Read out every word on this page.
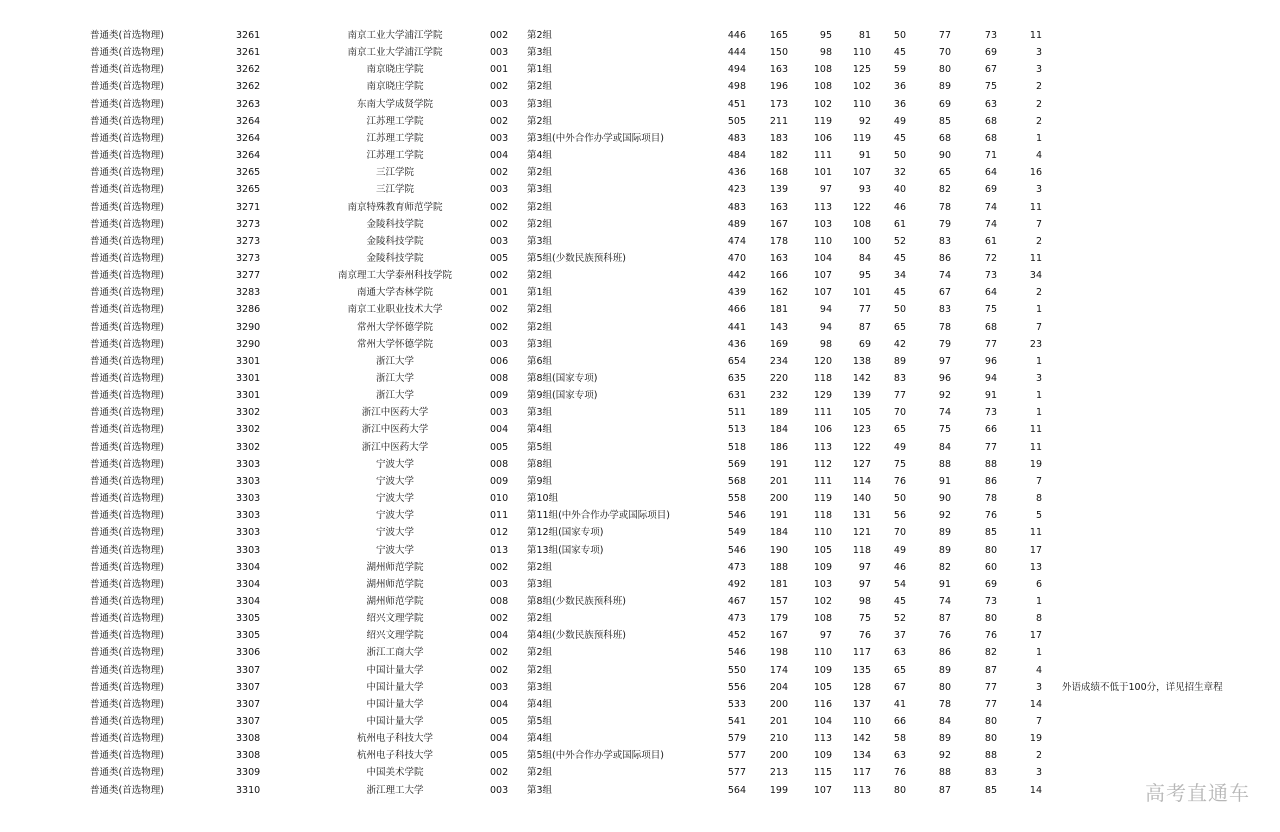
普通类(首选物理)	3261	南京工业大学浦江学院	002 第2组	446	165	95	81	50	77	73	11
普通类(首选物理)	3261	南京工业大学浦江学院	003 第3组	444	150	98	110	45	70	69	3
普通类(首选物理)	3262	南京晓庄学院	001 第1组	494	163	108	125	59	80	67	3
普通类(首选物理)	3262	南京晓庄学院	002 第2组	498	196	108	102	36	89	75	2
普通类(首选物理)	3263	东南大学成贤学院	003 第3组	451	173	102	110	36	69	63	2
普通类(首选物理)	3264	江苏理工学院	002 第2组	505	211	119	92	49	85	68	2
普通类(首选物理)	3264	江苏理工学院	003 第3组(中外合作办学或国际项目)	483	183	106	119	45	68	68	1
普通类(首选物理)	3264	江苏理工学院	004 第4组	484	182	111	91	50	90	71	4
普通类(首选物理)	3265	三江学院	002 第2组	436	168	101	107	32	65	64	16
普通类(首选物理)	3265	三江学院	003 第3组	423	139	97	93	40	82	69	3
普通类(首选物理)	3271	南京特殊教育师范学院	002 第2组	483	163	113	122	46	78	74	11
普通类(首选物理)	3273	金陵科技学院	002 第2组	489	167	103	108	61	79	74	7
普通类(首选物理)	3273	金陵科技学院	003 第3组	474	178	110	100	52	83	61	2
普通类(首选物理)	3273	金陵科技学院	005 第5组(少数民族预科班)	470	163	104	84	45	86	72	11
普通类(首选物理)	3277	南京理工大学泰州科技学院	002 第2组	442	166	107	95	34	74	73	34
普通类(首选物理)	3283	南通大学杏林学院	001 第1组	439	162	107	101	45	67	64	2
普通类(首选物理)	3286	南京工业职业技术大学	002 第2组	466	181	94	77	50	83	75	1
普通类(首选物理)	3290	常州大学怀德学院	002 第2组	441	143	94	87	65	78	68	7
普通类(首选物理)	3290	常州大学怀德学院	003 第3组	436	169	98	69	42	79	77	23
普通类(首选物理)	3301	浙江大学	006 第6组	654	234	120	138	89	97	96	1
普通类(首选物理)	3301	浙江大学	008 第8组(国家专项)	635	220	118	142	83	96	94	3
普通类(首选物理)	3301	浙江大学	009 第9组(国家专项)	631	232	129	139	77	92	91	1
普通类(首选物理)	3302	浙江中医药大学	003 第3组	511	189	111	105	70	74	73	1
普通类(首选物理)	3302	浙江中医药大学	004 第4组	513	184	106	123	65	75	66	11
普通类(首选物理)	3302	浙江中医药大学	005 第5组	518	186	113	122	49	84	77	11
普通类(首选物理)	3303	宁波大学	008 第8组	569	191	112	127	75	88	88	19
普通类(首选物理)	3303	宁波大学	009 第9组	568	201	111	114	76	91	86	7
普通类(首选物理)	3303	宁波大学	010 第10组	558	200	119	140	50	90	78	8
普通类(首选物理)	3303	宁波大学	011 第11组(中外合作办学或国际项目)	546	191	118	131	56	92	76	5
普通类(首选物理)	3303	宁波大学	012 第12组(国家专项)	549	184	110	121	70	89	85	11
普通类(首选物理)	3303	宁波大学	013 第13组(国家专项)	546	190	105	118	49	89	80	17
普通类(首选物理)	3304	湖州师范学院	002 第2组	473	188	109	97	46	82	60	13
普通类(首选物理)	3304	湖州师范学院	003 第3组	492	181	103	97	54	91	69	6
普通类(首选物理)	3304	湖州师范学院	008 第8组(少数民族预科班)	467	157	102	98	45	74	73	1
普通类(首选物理)	3305	绍兴文理学院	002 第2组	473	179	108	75	52	87	80	8
普通类(首选物理)	3305	绍兴文理学院	004 第4组(少数民族预科班)	452	167	97	76	37	76	76	17
普通类(首选物理)	3306	浙江工商大学	002 第2组	546	198	110	117	63	86	82	1
普通类(首选物理)	3307	中国计量大学	002 第2组	550	174	109	135	65	89	87	4
普通类(首选物理)	3307	中国计量大学	003 第3组	556	204	105	128	67	80	77	3 外语成绩不低于100分，详见招生章程
普通类(首选物理)	3307	中国计量大学	004 第4组	533	200	116	137	41	78	77	14
普通类(首选物理)	3307	中国计量大学	005 第5组	541	201	104	110	66	84	80	7
普通类(首选物理)	3308	杭州电子科技大学	004 第4组	579	210	113	142	58	89	80	19
普通类(首选物理)	3308	杭州电子科技大学	005 第5组(中外合作办学或国际项目)	577	200	109	134	63	92	88	2
普通类(首选物理)	3309	中国美术学院	002 第2组	577	213	115	117	76	88	83	3
普通类(首选物理)	3310	浙江理工大学	003 第3组	564	199	107	113	80	87	85	14	高考直通车
